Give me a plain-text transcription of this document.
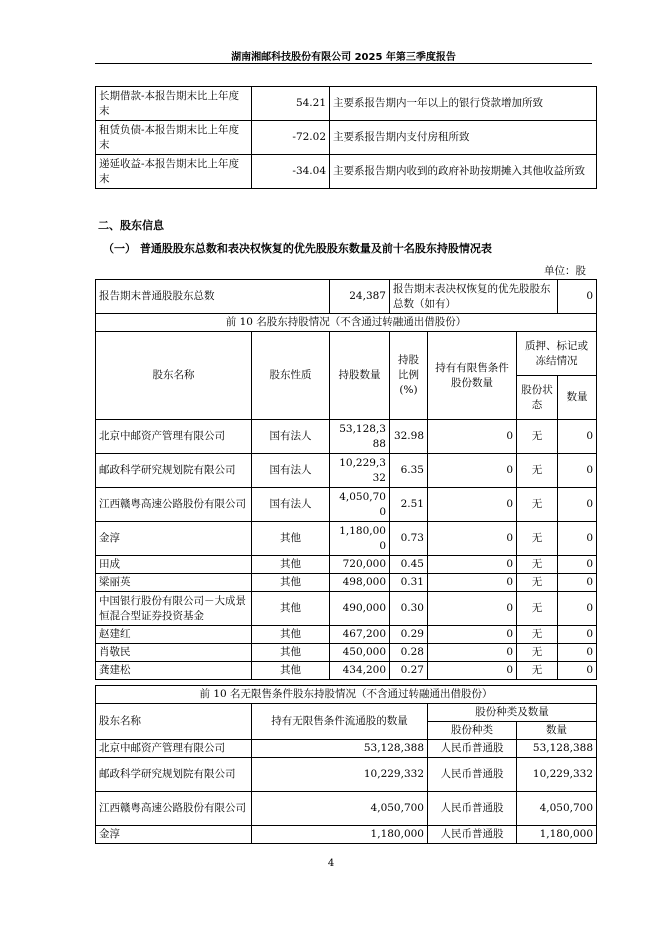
湖南湘邮科技股份有限公司 2025 年第三季度报告
长期借款-本报告期末比上年度末	54.21	主要系报告期内一年以上的银行贷款增加所致
租赁负债-本报告期末比上年度末	-72.02	主要系报告期内支付房租所致
递延收益-本报告期末比上年度末	-34.04	主要系报告期内收到的政府补助按期摊入其他收益所致
二、股东信息
（一） 普通股股东总数和表决权恢复的优先股股东数量及前十名股东持股情况表
单位：股
报告期末普通股股东总数		24,387	报告期末表决权恢复的优先股股东总数（如有）			0
前 10 名股东持股情况（不含通过转融通出借股份）						
股东名称	股东性质	持股数量	持股比例(%)	持有有限售条件股份数量	质押、标记或冻结情况	
					股份状态	数量
北京中邮资产管理有限公司	国有法人	53,128,388	32.98	0	无	0
邮政科学研究规划院有限公司	国有法人	10,229,332	6.35	0	无	0
江西赣粤高速公路股份有限公司	国有法人	4,050,700	2.51	0	无	0
金淳	其他	1,180,000	0.73	0	无	0
田成	其他	720,000	0.45	0	无	0
梁丽英	其他	498,000	0.31	0	无	0
中国银行股份有限公司－大成景恒混合型证券投资基金	其他	490,000	0.30	0	无	0
赵建红	其他	467,200	0.29	0	无	0
肖敬民	其他	450,000	0.28	0	无	0
龚建松	其他	434,200	0.27	0	无	0
前 10 名无限售条件股东持股情况（不含通过转融通出借股份）			
股东名称	持有无限售条件流通股的数量	股份种类及数量	
		股份种类	数量
北京中邮资产管理有限公司	53,128,388	人民币普通股	53,128,388
邮政科学研究规划院有限公司	10,229,332	人民币普通股	10,229,332
江西赣粤高速公路股份有限公司	4,050,700	人民币普通股	4,050,700
金淳	1,180,000	人民币普通股	1,180,000
4
